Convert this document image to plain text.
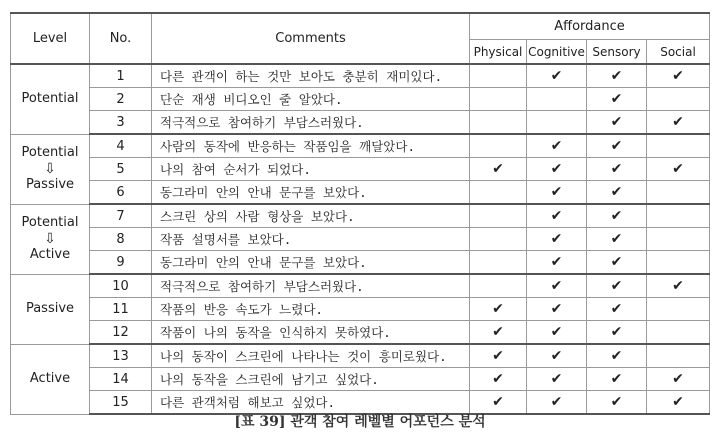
Level	No.	Comments	Affordance			
			Physical	Cognitive	Sensory	Social

Potential	1	다른 관객이 하는 것만 보아도 충분히 재미있다.		✔	✔	✔
	2	단순 재생 비디오인 줄 알았다.			✔	
	3	적극적으로 참여하기 부담스러웠다.			✔	✔

Potential
⇩
Passive	4	사람의 동작에 반응하는 작품임을 깨달았다.		✔	✔	
	5	나의 참여 순서가 되었다.	✔	✔	✔	✔
	6	동그라미 안의 안내 문구를 보았다.		✔	✔	

Potential
⇩
Active	7	스크린 상의 사람 형상을 보았다.		✔	✔	
	8	작품 설명서를 보았다.		✔	✔	
	9	동그라미 안의 안내 문구를 보았다.		✔	✔	

Passive	10	적극적으로 참여하기 부담스러웠다.		✔	✔	✔
	11	작품의 반응 속도가 느렸다.	✔	✔	✔	
	12	작품이 나의 동작을 인식하지 못하였다.	✔	✔	✔	

Active	13	나의 동작이 스크린에 나타나는 것이 흥미로웠다.	✔	✔	✔	
	14	나의 동작을 스크린에 남기고 싶었다.	✔	✔	✔	✔
	15	다른 관객처럼 해보고 싶었다.	✔	✔	✔	✔
[표 39] 관객 참여 레벨별 어포던스 분석
